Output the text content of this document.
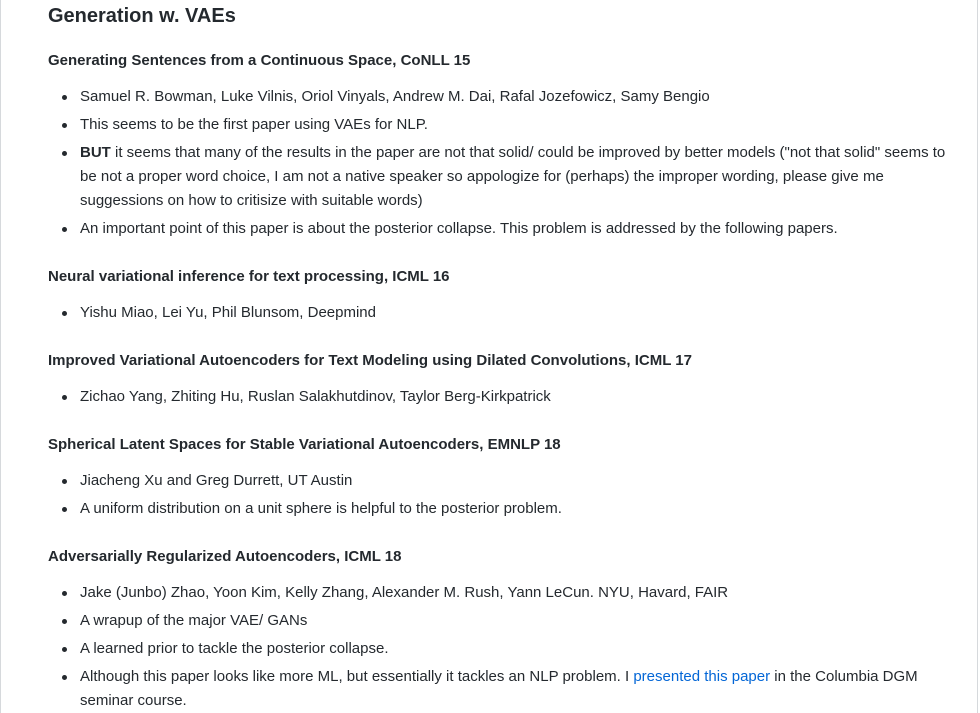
Generation w. VAEs
Generating Sentences from a Continuous Space, CoNLL 15
Samuel R. Bowman, Luke Vilnis, Oriol Vinyals, Andrew M. Dai, Rafal Jozefowicz, Samy Bengio
This seems to be the first paper using VAEs for NLP.
BUT it seems that many of the results in the paper are not that solid/ could be improved by better models ("not that solid" seems to be not a proper word choice, I am not a native speaker so appologize for (perhaps) the improper wording, please give me suggessions on how to critisize with suitable words)
An important point of this paper is about the posterior collapse. This problem is addressed by the following papers.
Neural variational inference for text processing, ICML 16
Yishu Miao, Lei Yu, Phil Blunsom, Deepmind
Improved Variational Autoencoders for Text Modeling using Dilated Convolutions, ICML 17
Zichao Yang, Zhiting Hu, Ruslan Salakhutdinov, Taylor Berg-Kirkpatrick
Spherical Latent Spaces for Stable Variational Autoencoders, EMNLP 18
Jiacheng Xu and Greg Durrett, UT Austin
A uniform distribution on a unit sphere is helpful to the posterior problem.
Adversarially Regularized Autoencoders, ICML 18
Jake (Junbo) Zhao, Yoon Kim, Kelly Zhang, Alexander M. Rush, Yann LeCun. NYU, Havard, FAIR
A wrapup of the major VAE/ GANs
A learned prior to tackle the posterior collapse.
Although this paper looks like more ML, but essentially it tackles an NLP problem. I presented this paper in the Columbia DGM seminar course.
